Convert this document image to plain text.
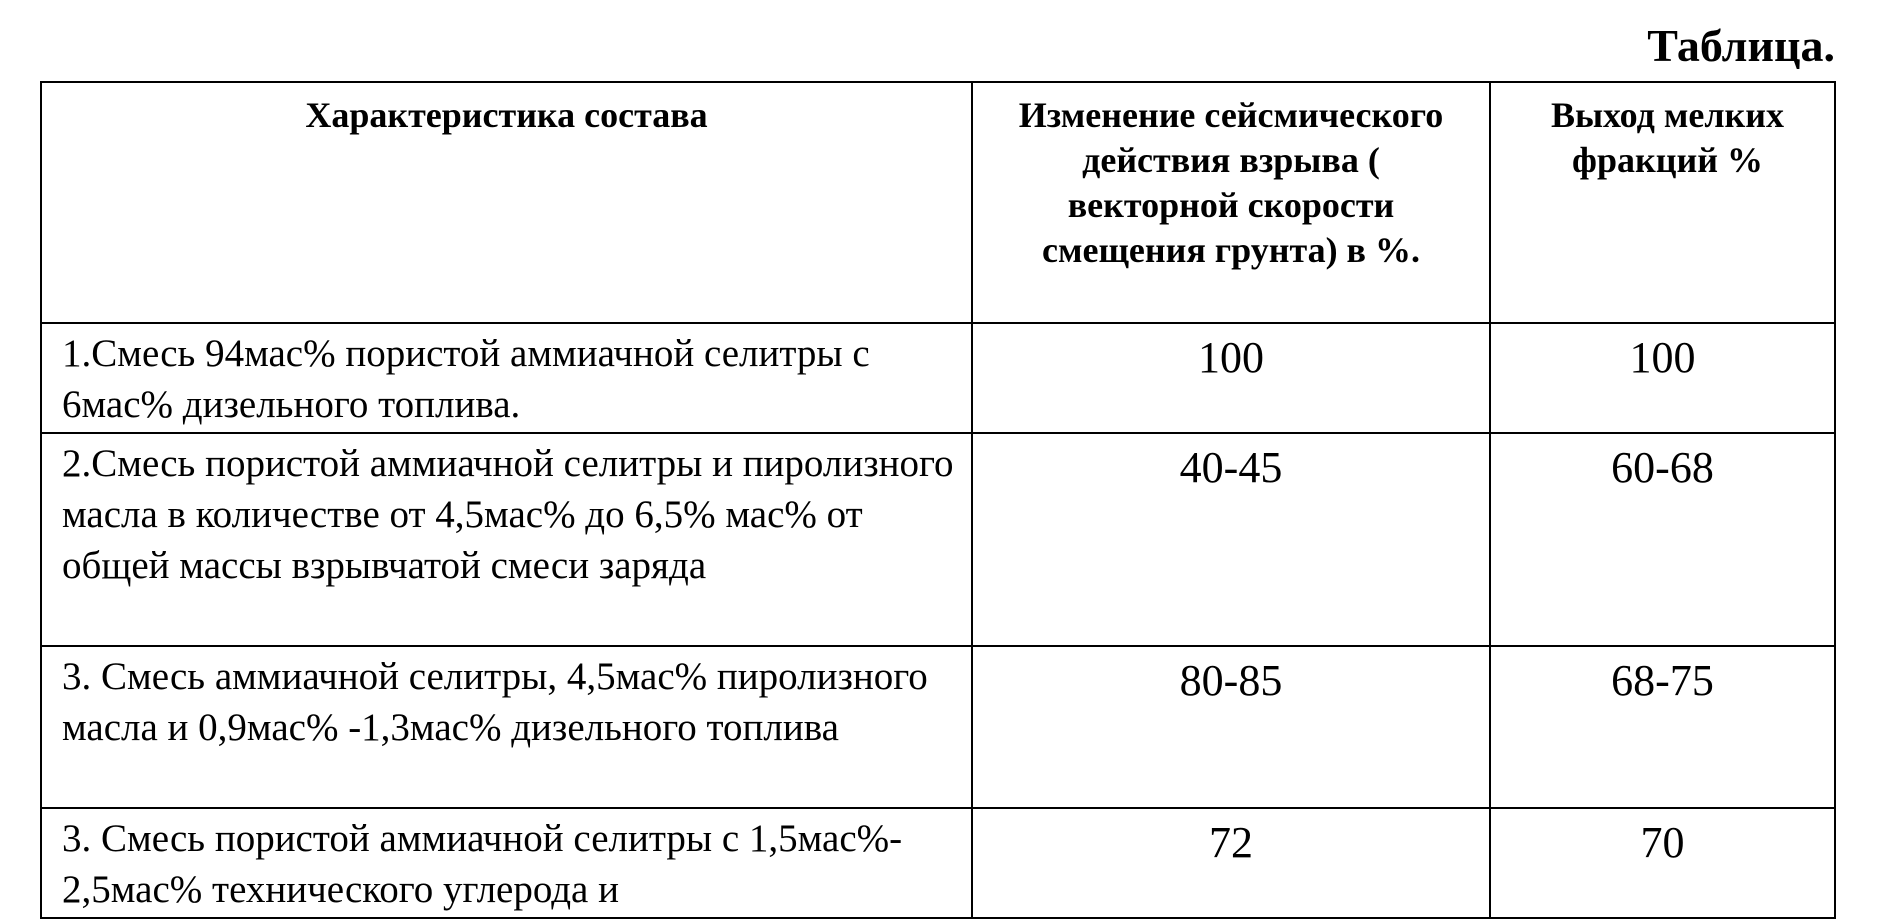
Таблица.
Характеристика состава	Изменение сейсмического действия взрыва ( векторной скорости смещения грунта) в %.	Выход мелких фракций %

1.Смесь 94мас% пористой аммиачной селитры с 6мас% дизельного топлива.	100	100
2.Смесь пористой аммиачной селитры и пиролизного масла в количестве от 4,5мас% до 6,5% мас% от общей массы взрывчатой смеси заряда	40-45	60-68
3. Смесь аммиачной селитры, 4,5мас% пиролизного масла и 0,9мас% -1,3мас% дизельного топлива	80-85	68-75
3. Смесь пористой аммиачной селитры с 1,5мас%- 2,5мас% технического углерода и	72	70
